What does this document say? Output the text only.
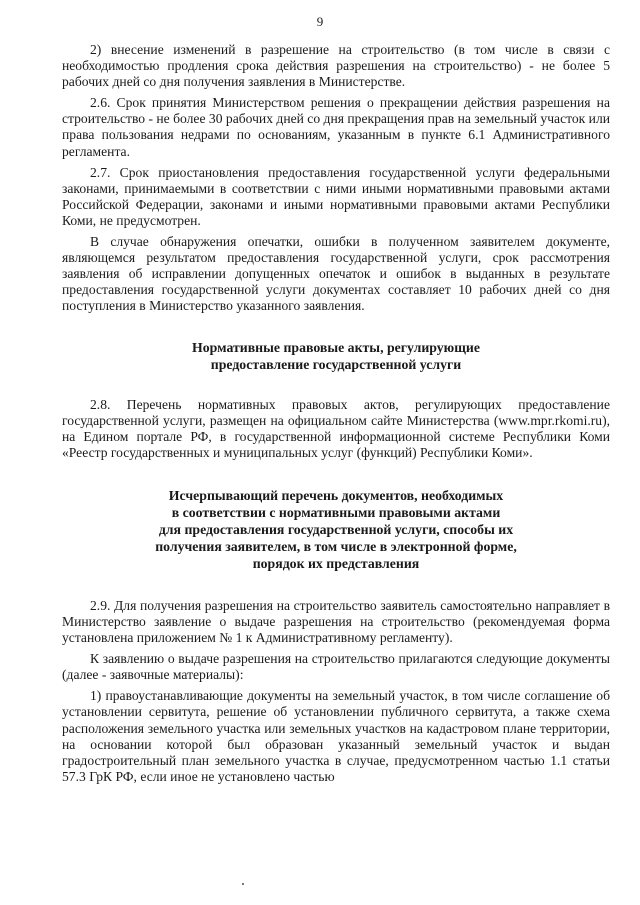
9

2) внесение изменений в разрешение на строительство (в том числе в связи с необходимостью продления срока действия разрешения на строительство) - не более 5 рабочих дней со дня получения заявления в Министерстве.

2.6. Срок принятия Министерством решения о прекращении действия разрешения на строительство - не более 30 рабочих дней со дня прекращения прав на земельный участок или права пользования недрами по основаниям, указанным в пункте 6.1 Административного регламента.

2.7. Срок приостановления предоставления государственной услуги федеральными законами, принимаемыми в соответствии с ними иными нормативными правовыми актами Российской Федерации, законами и иными нормативными правовыми актами Республики Коми, не предусмотрен.

В случае обнаружения опечатки, ошибки в полученном заявителем документе, являющемся результатом предоставления государственной услуги, срок рассмотрения заявления об исправлении допущенных опечаток и ошибок в выданных в результате предоставления государственной услуги документах составляет 10 рабочих дней со дня поступления в Министерство указанного заявления.

Нормативные правовые акты, регулирующие

предоставление государственной услуги

2.8. Перечень нормативных правовых актов, регулирующих предоставление государственной услуги, размещен на официальном сайте Министерства (www.mpr.rkomi.ru), на Едином портале РФ, в государственной информационной системе Республики Коми «Реестр государственных и муниципальных услуг (функций) Республики Коми».

Исчерпывающий перечень документов, необходимых

в соответствии с нормативными правовыми актами

для предоставления государственной услуги, способы их

получения заявителем, в том числе в электронной форме,

порядок их представления

2.9. Для получения разрешения на строительство заявитель самостоятельно направляет в Министерство заявление о выдаче разрешения на строительство (рекомендуемая форма установлена приложением № 1 к Административному регламенту).

К заявлению о выдаче разрешения на строительство прилагаются следующие документы (далее - заявочные материалы):

1) правоустанавливающие документы на земельный участок, в том числе соглашение об установлении сервитута, решение об установлении публичного сервитута, а также схема расположения земельного участка или земельных участков на кадастровом плане территории, на основании которой был образован указанный земельный участок и выдан градостроительный план земельного участка в случае, предусмотренном частью 1.1 статьи 57.3 ГрК РФ, если иное не установлено частью
